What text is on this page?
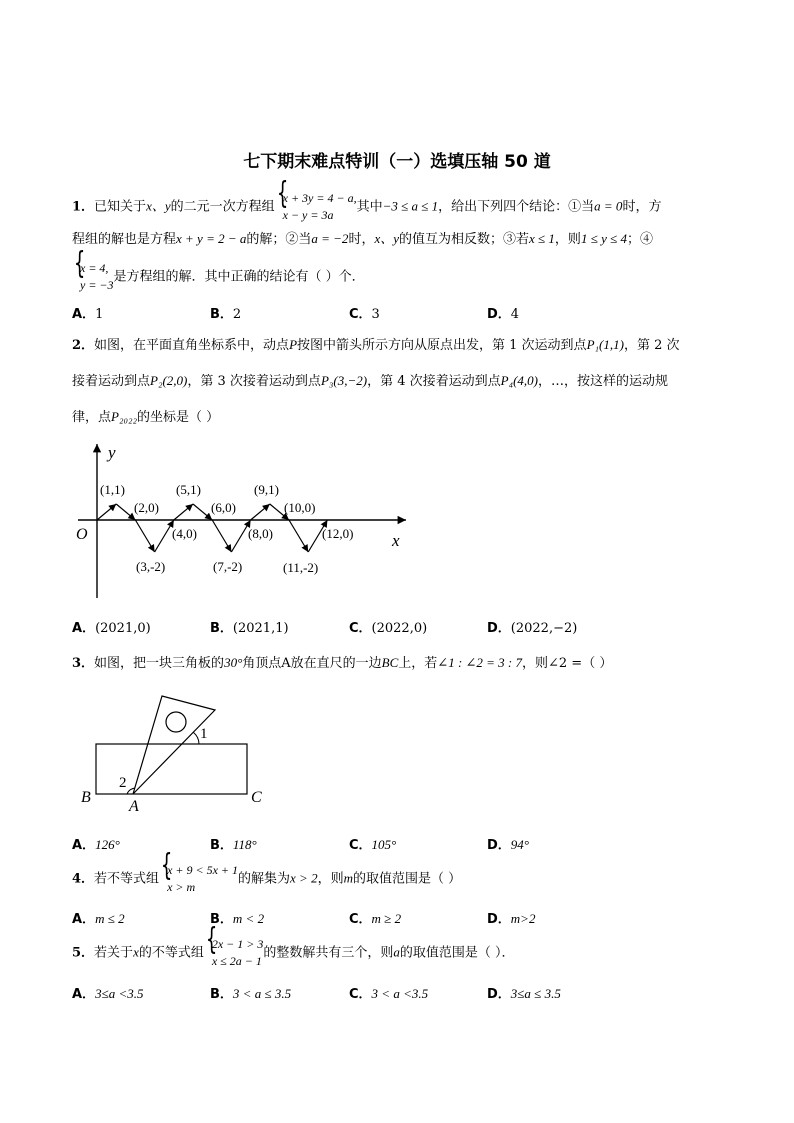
七下期末难点特训（一）选填压轴 50 道
1．已知关于x、y的二元一次方程组
{ x + 3y = 4 − a,
x − y = 3a
其中−3 ≤ a ≤ 1，给出下列四个结论：①当a = 0时，方
程组的解也是方程x + y = 2 − a的解；②当a = −2时，x、y的值互为相反数；③若x ≤ 1，则1 ≤ y ≤ 4；④
{ x = 4,
y = −3
是方程组的解．其中正确的结论有（ ）个．
A．1	B．2	C．3	D．4
2．如图，在平面直角坐标系中，动点P按图中箭头所示方向从原点出发，第 1 次运动到点P₁(1,1)，第 2 次
接着运动到点P₂(2,0)，第 3 次接着运动到点P₃(3,−2)，第 4 次接着运动到点P₄(4,0)，…，按这样的运动规
律，点P₂₀₂₂的坐标是（ ）
y
x
O
(1,1)
(2,0)
(3,-2)
(4,0)
(5,1)
(6,0)
(7,-2)
(8,0)
(9,1)
(10,0)
(11,-2)
(12,0)
A．(2021,0)	B．(2021,1)	C．(2022,0)	D．(2022,−2)
3．如图，把一块三角板的30°角顶点A放在直尺的一边BC上，若∠1 : ∠2 = 3 : 7，则∠2 =（ ）
1
2
B
A
C
A．126°	B．118°	C．105°	D．94°
4．若不等式组
{ x + 9 < 5x + 1
x > m
的解集为x > 2，则m的取值范围是（ ）
A．m ≤ 2	B．m < 2	C．m ≥ 2	D．m>2
5．若关于x的不等式组
{ 2x − 1 > 3
x ≤ 2a − 1
的整数解共有三个，则a的取值范围是（ ）．
A．3≤a <3.5	B．3 < a ≤ 3.5	C．3 < a <3.5	D．3≤a ≤ 3.5
